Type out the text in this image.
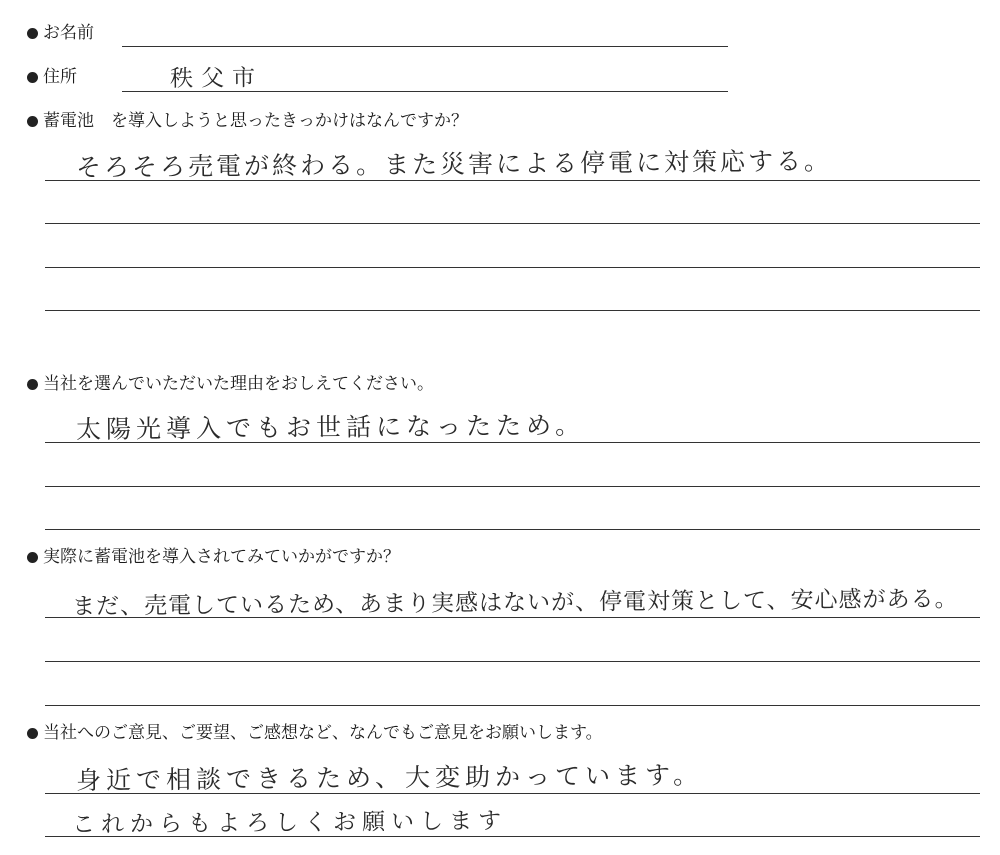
お名前
住所	秩父市
蓄電池　を導入しようと思ったきっかけはなんですか？
そろそろ売電が終わる。また災害による停電に対策応する。
当社を選んでいただいた理由をおしえてください。
太陽光導入でもお世話になったため。
実際に蓄電池を導入されてみていかがですか？
まだ、売電しているため、あまり実感はないが、停電対策として、安心感がある。
当社へのご意見、ご要望、ご感想など、なんでもご意見をお願いします。
身近で相談できるため、大変助かっています。
これからもよろしくお願いします
